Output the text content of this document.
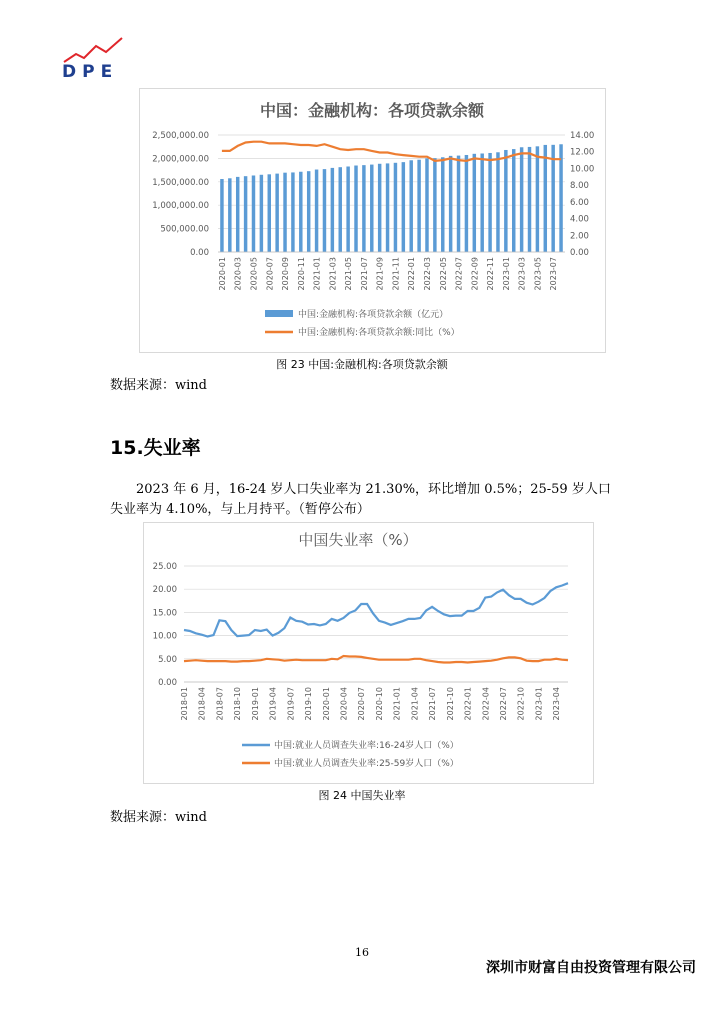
DPE
中国：金融机构：各项贷款余额
0.00
500,000.00
1,000,000.00
1,500,000.00
2,000,000.00
2,500,000.00
0.00
2.00
4.00
6.00
8.00
10.00
12.00
14.00
2020-01 2020-03 2020-05 2020-07 2020-09 2020-11 2021-01 2021-03 2021-05 2021-07 2021-09 2021-11 2022-01 2022-03 2022-05 2022-07 2022-09 2022-11 2023-01 2023-03 2023-05 2023-07
中国:金融机构:各项贷款余额（亿元）
中国:金融机构:各项贷款余额:同比（%）
图 23 中国:金融机构:各项贷款余额
数据来源：wind
15.失业率
2023 年 6 月，16-24 岁人口失业率为 21.30%，环比增加 0.5%；25-59 岁人口失业率为 4.10%，与上月持平。（暂停公布）
中国失业率（%）
0.00
5.00
10.00
15.00
20.00
25.00
2018-01 2018-04 2018-07 2018-10 2019-01 2019-04 2019-07 2019-10 2020-01 2020-04 2020-07 2020-10 2021-01 2021-04 2021-07 2021-10 2022-01 2022-04 2022-07 2022-10 2023-01 2023-04
中国:就业人员调查失业率:16-24岁人口（%）
中国:就业人员调查失业率:25-59岁人口（%）
图 24 中国失业率
数据来源：wind
16
深圳市财富自由投资管理有限公司
